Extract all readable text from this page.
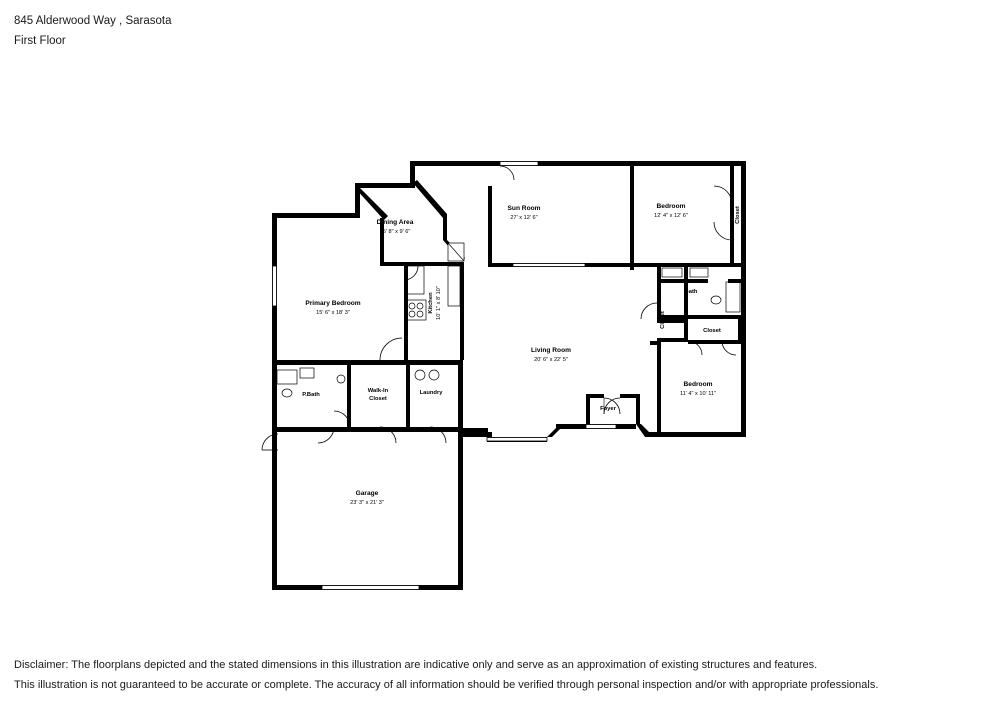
845 Alderwood Way , Sarasota
First Floor
Sun Room
27' x 12' 6"
Bedroom
12' 4" x 12' 6"
Dining Area
15' 8" x 9' 6"
Primary Bedroom
15' 6" x 18' 3"
Living Room
20' 6" x 22' 5"
Bedroom
11' 4" x 10' 11"
Garage
23' 3" x 21' 3"
Kitchen 10' 1" x 8' 10"	Bath
Closet
Closet
Closet
P.Bath
Walk-In	Laundry
Foyer
Closet
Disclaimer: The floorplans depicted and the stated dimensions in this illustration are indicative only and serve as an approximation of existing structures and features.
This illustration is not guaranteed to be accurate or complete. The accuracy of all information should be verified through personal inspection and/or with appropriate professionals.
